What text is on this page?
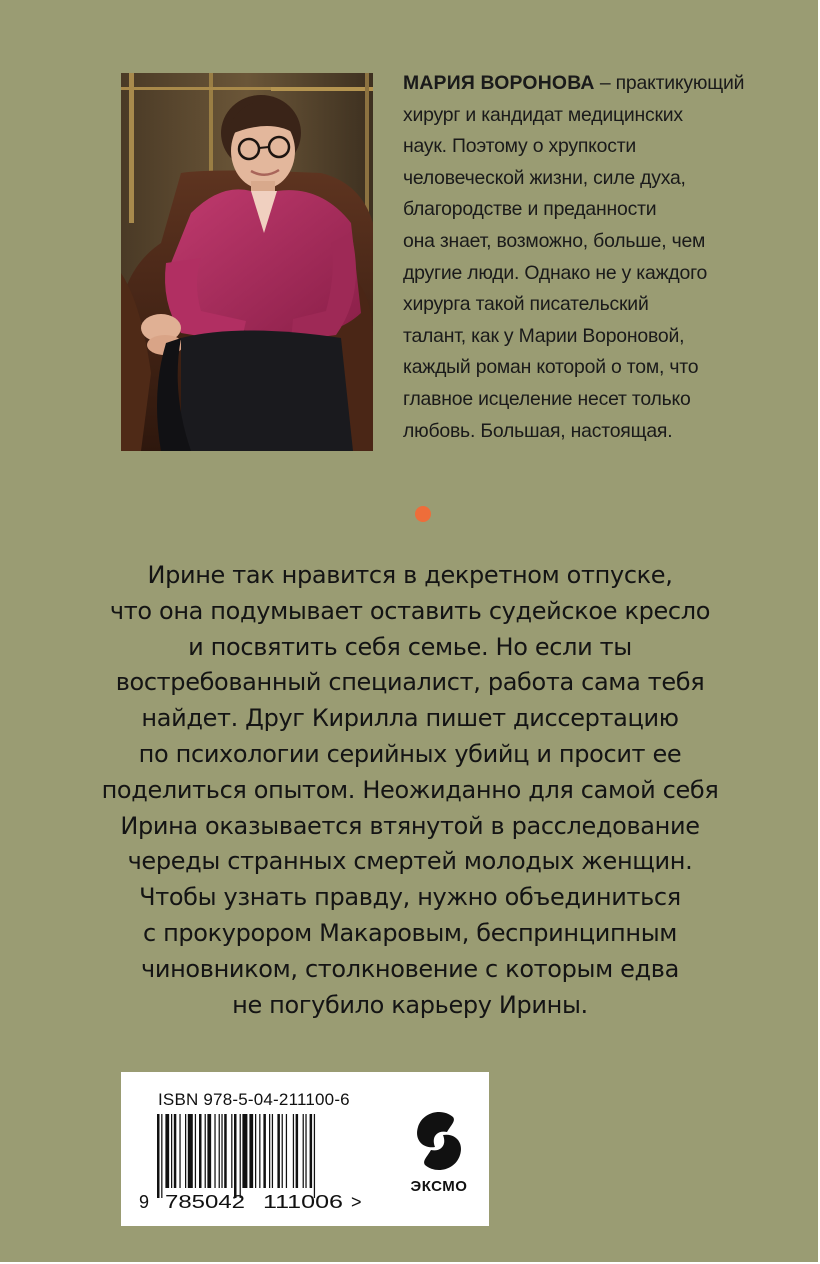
МАРИЯ ВОРОНОВА – практикующий
хирург и кандидат медицинских
наук. Поэтому о хрупкости
человеческой жизни, силе духа,
благородстве и преданности
она знает, возможно, больше, чем
другие люди. Однако не у каждого
хирурга такой писательский
талант, как у Марии Вороновой,
каждый роман которой о том, что
главное исцеление несет только
любовь. Большая, настоящая.
Ирине так нравится в декретном отпуске,
что она подумывает оставить судейское кресло
и посвятить себя семье. Но если ты
востребованный специалист, работа сама тебя
найдет. Друг Кирилла пишет диссертацию
по психологии серийных убийц и просит ее
поделиться опытом. Неожиданно для самой себя
Ирина оказывается втянутой в расследование
череды странных смертей молодых женщин.
Чтобы узнать правду, нужно объединиться
с прокурором Макаровым, беспринципным
чиновником, столкновение с которым едва
не погубило карьеру Ирины.
ISBN 978-5-04-211100-6
9 785042 111006 >
ЭКСМО
